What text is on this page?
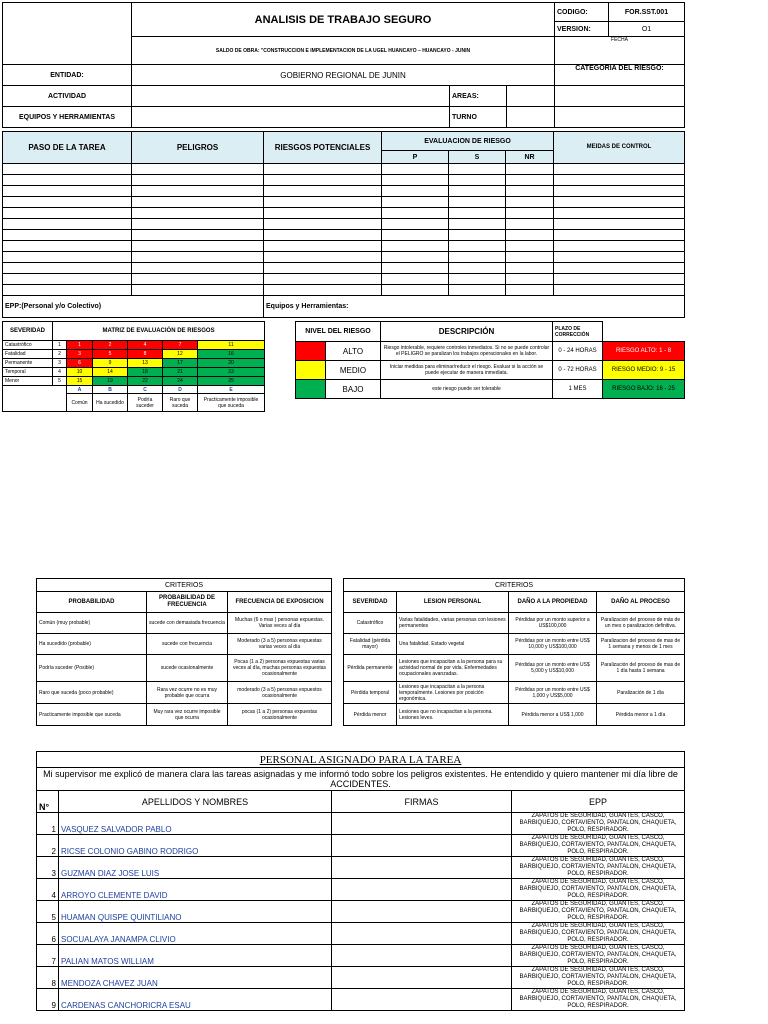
	ANALISIS DE TRABAJO SEGURO			CODIGO:	FOR.SST.001
				VERSION:	O1
	SALDO DE OBRA: "CONSTRUCCION E IMPLEMENTACION DE LA UGEL HUANCAYO – HUANCAYO - JUNIN			FECHA	
ENTIDAD:	GOBIERNO REGIONAL DE JUNIN			CATEGORIA DEL RIESGO:	
ACTIVIDAD		AREAS:			
EQUIPOS Y HERRAMIENTAS		TURNO			
PASO DE LA TAREA	PELIGROS	RIESGOS POTENCIALES	EVALUACION DE RIESGO			MEIDAS DE CONTROL
			P	S	NR	

EPP:(Personal y/o Colectivo)		Equipos y Herramientas:				
SEVERIDAD	MATRIZ DE EVALUACIÓN DE RIESGOS					
Catastrófico	1	1	2	4	7	11
Fatalidad	2	3	5	8	12	16
Permanente	3	6	9	13	17	20
Temporal	4	10	14	18	21	23
Menor	5	15	19	22	24	25
		A	B	C	D	E
		Común	Ha sucedido	Podría suceder	Raro que suceda	Practicamente imposible que suceda
NIVEL DEL RIESGO		DESCRIPCIÓN	PLAZO DE CORRECCIÓN	
	ALTO	Riesgo intolerable, requiere controles inmediatos. Si no se puede controlar el PELIGRO se paralizan los trabajos operacionales en la labor.	0 - 24 HORAS	RIESGO ALTO: 1 - 8
	MEDIO	Iniciar medidas para eliminar/reducir el riesgo. Evaluar si la acción se puede ejecutar de manera inmediata.	0 - 72 HORAS	RIESGO MEDIO: 9 - 15
	BAJO	este riesgo puede ser tolerable	1 MES	RIESGO BAJO: 16 - 25
CRITERIOS		
PROBABILIDAD	PROBABILIDAD DE FRECUENCIA	FRECUENCIA DE EXPOSICION
Común (muy probable)	sucede con demasiada frecuencia	Muchas (6 o mas ) personas expuestas. Varias veces al día
Ha sucedido (probable)	sucede con frecuencia	Moderado (3 a 5) personas expuestas varias veces al día
Podría suceder (Posible)	sucede ocasionalmente	Pocas (1 a 2) personas expuestas varias veces al día, muchas personas expuestas ocasionalmente
Raro que suceda (poco probable)	Rara vez ocurre no es muy probable que ocurra	moderado (3 a 5) personas expuestos ocasionalmente
Practicamente imposible que suceda	Muy rara vez ocurre imposible que ocurra	pocas (1 a 2) personas expuestas ocasionalmente
CRITERIOS			
SEVERIDAD	LESION PERSONAL	DAÑO A LA PROPIEDAD	DAÑO AL PROCESO
Catastrófico	Varias fatalidades, varias personas con lesiones permanentes	Pérdidas por un monto superior a US$100,000	Paralizacion del proceso de más de un mes o paralizacion definitiva.
Fatalidad (pérdida mayor)	Una fatalidad. Estado vegetal	Pérdidas por un monto entre US$ 10,000 y US$100,000	Paralizacion del proceso de mas de 1 semana y menos de 1 mes
Pérdida permanente	Lesiones que incapacitan a la persona para su actividad normal de por vida. Enfermedades ocupacionales avanzadas.	Pérdidas por un monto entre US$ 5,000 y US$10,000	Paralización del proceso de mas de 1 día hasta 1 semana
Pérdida temporal	Lesiones que incapacitan a la persona temporalmente. Lesiones por posición ergonómica.	Pérdidas por un monto entre US$ 1,000 y US$5,000	Paralización de 1 día
Pérdida menor	Lesiones que no incapacitan a la persona. Lesiones leves.	Pérdida menor a US$ 1,000	Pérdida menor a 1 día
PERSONAL ASIGNADO PARA LA TAREA			
Mi supervisor me explicó de manera clara las tareas asignadas y me informó todo sobre los peligros existentes. He entendido y quiero mantener mi día libre de ACCIDENTES.			
N°	APELLIDOS Y NOMBRES	FIRMAS	EPP
1	VASQUEZ SALVADOR PABLO		ZAPATOS DE SEGURIDAD, GUANTES, CASCO, BARBIQUEJO, CORTAVIENTO, PANTALON, CHAQUETA, POLO, RESPIRADOR.
2	RICSE COLONIO GABINO RODRIGO		ZAPATOS DE SEGURIDAD, GUANTES, CASCO, BARBIQUEJO, CORTAVIENTO, PANTALON, CHAQUETA, POLO, RESPIRADOR.
3	GUZMAN DIAZ JOSE LUIS		ZAPATOS DE SEGURIDAD, GUANTES, CASCO, BARBIQUEJO, CORTAVIENTO, PANTALON, CHAQUETA, POLO, RESPIRADOR.
4	ARROYO CLEMENTE DAVID		ZAPATOS DE SEGURIDAD, GUANTES, CASCO, BARBIQUEJO, CORTAVIENTO, PANTALON, CHAQUETA, POLO, RESPIRADOR.
5	HUAMAN QUISPE QUINTILIANO		ZAPATOS DE SEGURIDAD, GUANTES, CASCO, BARBIQUEJO, CORTAVIENTO, PANTALON, CHAQUETA, POLO, RESPIRADOR.
6	SOCUALAYA JANAMPA CLIVIO		ZAPATOS DE SEGURIDAD, GUANTES, CASCO, BARBIQUEJO, CORTAVIENTO, PANTALON, CHAQUETA, POLO, RESPIRADOR.
7	PALIAN MATOS WILLIAM		ZAPATOS DE SEGURIDAD, GUANTES, CASCO, BARBIQUEJO, CORTAVIENTO, PANTALON, CHAQUETA, POLO, RESPIRADOR.
8	MENDOZA CHAVEZ JUAN		ZAPATOS DE SEGURIDAD, GUANTES, CASCO, BARBIQUEJO, CORTAVIENTO, PANTALON, CHAQUETA, POLO, RESPIRADOR.
9	CARDENAS CANCHORICRA ESAU		ZAPATOS DE SEGURIDAD, GUANTES, CASCO, BARBIQUEJO, CORTAVIENTO, PANTALON, CHAQUETA, POLO, RESPIRADOR.
